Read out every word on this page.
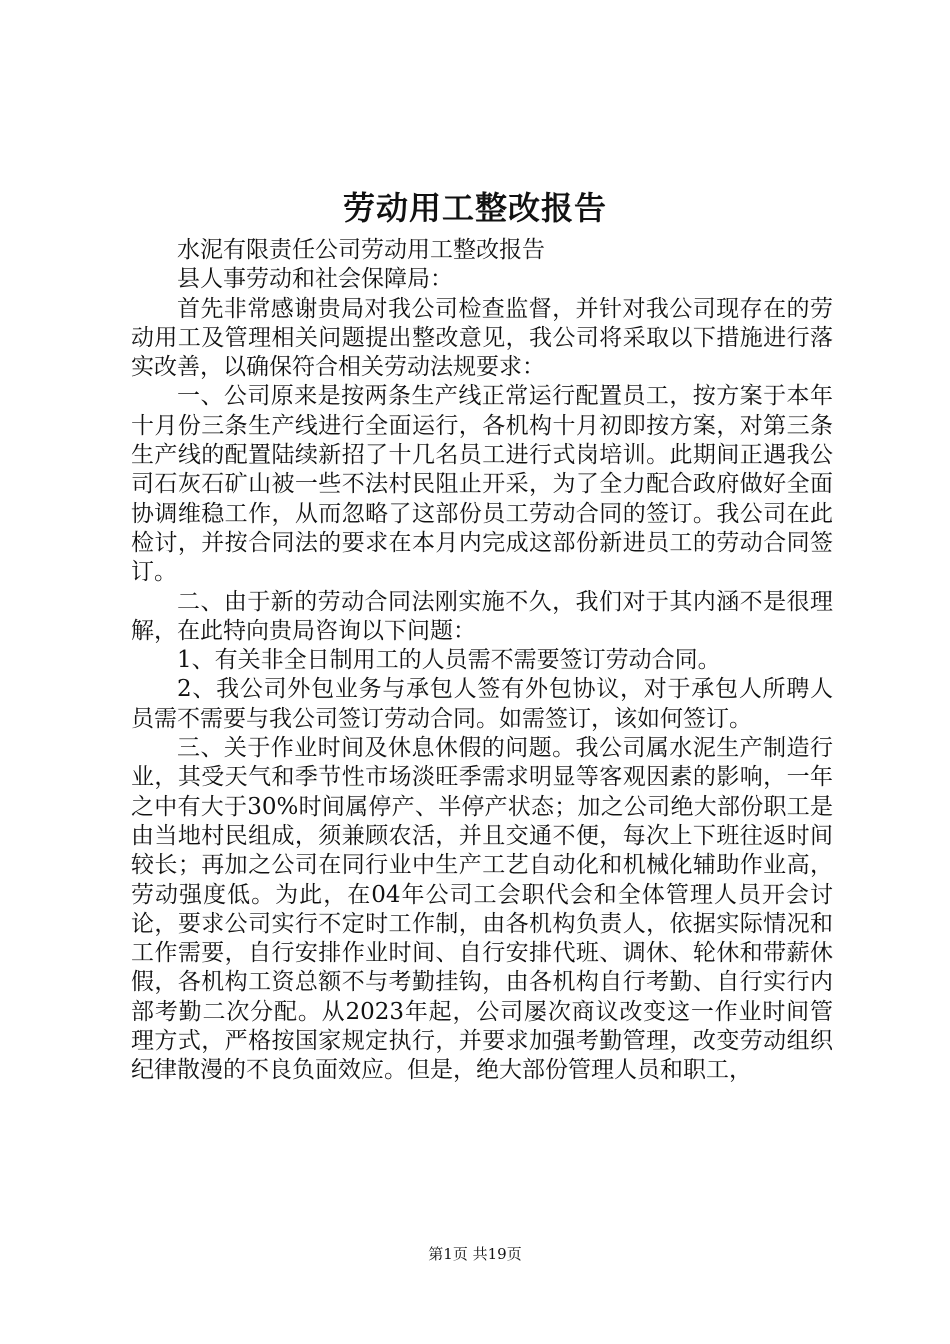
劳动用工整改报告

水泥有限责任公司劳动用工整改报告

县人事劳动和社会保障局：

首先非常感谢贵局对我公司检查监督，并针对我公司现存在的劳动用工及管理相关问题提出整改意见，我公司将采取以下措施进行落实改善，以确保符合相关劳动法规要求：

一、公司原来是按两条生产线正常运行配置员工，按方案于本年十月份三条生产线进行全面运行，各机构十月初即按方案，对第三条生产线的配置陆续新招了十几名员工进行式岗培训。此期间正遇我公司石灰石矿山被一些不法村民阻止开采，为了全力配合政府做好全面协调维稳工作，从而忽略了这部份员工劳动合同的签订。我公司在此检讨，并按合同法的要求在本月内完成这部份新进员工的劳动合同签订。

二、由于新的劳动合同法刚实施不久，我们对于其内涵不是很理解，在此特向贵局咨询以下问题：

1、有关非全日制用工的人员需不需要签订劳动合同。

2、我公司外包业务与承包人签有外包协议，对于承包人所聘人员需不需要与我公司签订劳动合同。如需签订，该如何签订。

三、关于作业时间及休息休假的问题。我公司属水泥生产制造行业，其受天气和季节性市场淡旺季需求明显等客观因素的影响，一年之中有大于30%时间属停产、半停产状态；加之公司绝大部份职工是由当地村民组成，须兼顾农活，并且交通不便，每次上下班往返时间较长；再加之公司在同行业中生产工艺自动化和机械化辅助作业高，劳动强度低。为此，在04年公司工会职代会和全体管理人员开会讨论，要求公司实行不定时工作制，由各机构负责人，依据实际情况和工作需要，自行安排作业时间、自行安排代班、调休、轮休和带薪休假，各机构工资总额不与考勤挂钩，由各机构自行考勤、自行实行内部考勤二次分配。从2023年起，公司屡次商议改变这一作业时间管理方式，严格按国家规定执行，并要求加强考勤管理，改变劳动组织纪律散漫的不良负面效应。但是，绝大部份管理人员和职工，

第1页 共19页
